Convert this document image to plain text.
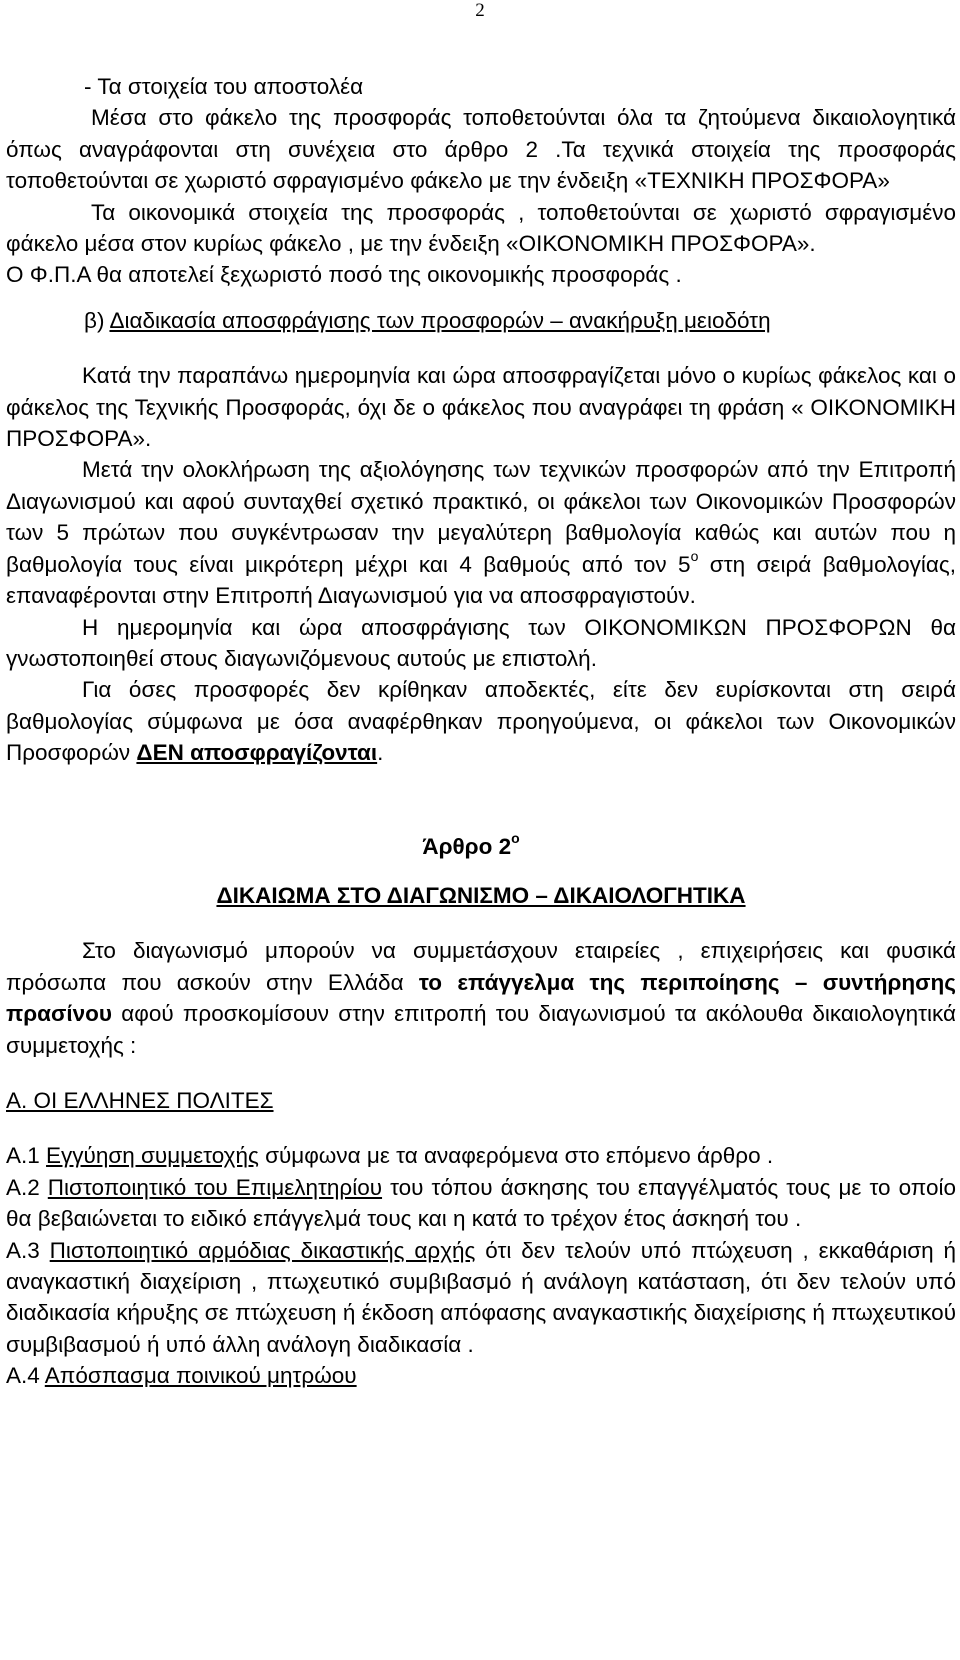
2

- Τα στοιχεία του αποστολέα

Μέσα στο φάκελο της προσφοράς τοποθετούνται όλα τα ζητούμενα δικαιολογητικά όπως αναγράφονται στη συνέχεια στο άρθρο 2 .Τα τεχνικά στοιχεία της προσφοράς τοποθετούνται σε χωριστό σφραγισμένο φάκελο με την ένδειξη «ΤΕΧΝΙΚΗ ΠΡΟΣΦΟΡΑ»

Τα οικονομικά στοιχεία της προσφοράς , τοποθετούνται σε χωριστό σφραγισμένο φάκελο μέσα στον κυρίως φάκελο , με την ένδειξη «ΟΙΚΟΝΟΜΙΚΗ ΠΡΟΣΦΟΡΑ».

Ο Φ.Π.Α θα αποτελεί ξεχωριστό ποσό της οικονομικής προσφοράς .

β) Διαδικασία αποσφράγισης των προσφορών – ανακήρυξη μειοδότη

Κατά την παραπάνω ημερομηνία και ώρα αποσφραγίζεται μόνο ο κυρίως φάκελος και ο φάκελος της Τεχνικής Προσφοράς, όχι δε ο φάκελος που αναγράφει τη φράση « ΟΙΚΟΝΟΜΙΚΗ ΠΡΟΣΦΟΡΑ».

Μετά την ολοκλήρωση της αξιολόγησης των τεχνικών προσφορών από την Επιτροπή Διαγωνισμού και αφού συνταχθεί σχετικό πρακτικό, οι φάκελοι των Οικονομικών Προσφορών των 5 πρώτων που συγκέντρωσαν την μεγαλύτερη βαθμολογία καθώς και αυτών που η βαθμολογία τους είναι μικρότερη μέχρι και 4 βαθμούς από τον $5^o$ στη σειρά βαθμολογίας, επαναφέρονται στην Επιτροπή Διαγωνισμού για να αποσφραγιστούν.

Η ημερομηνία και ώρα αποσφράγισης των ΟΙΚΟΝΟΜΙΚΩΝ ΠΡΟΣΦΟΡΩΝ θα γνωστοποιηθεί στους διαγωνιζόμενους αυτούς με επιστολή.

Για όσες προσφορές δεν κρίθηκαν αποδεκτές, είτε δεν ευρίσκονται στη σειρά βαθμολογίας σύμφωνα με όσα αναφέρθηκαν προηγούμενα, οι φάκελοι των Οικονομικών Προσφορών ΔΕΝ αποσφραγίζονται.

Άρθρο $2^o$

ΔΙΚΑΙΩΜΑ ΣΤΟ ΔΙΑΓΩΝΙΣΜΟ – ΔΙΚΑΙΟΛΟΓΗΤΙΚΑ

Στο διαγωνισμό μπορούν να συμμετάσχουν εταιρείες , επιχειρήσεις και φυσικά πρόσωπα που ασκούν στην Ελλάδα το επάγγελμα της περιποίησης – συντήρησης πρασίνου αφού προσκομίσουν στην επιτροπή του διαγωνισμού τα ακόλουθα δικαιολογητικά συμμετοχής :

Α. ΟΙ ΕΛΛΗΝΕΣ ΠΟΛΙΤΕΣ

Α.1 Εγγύηση συμμετοχής σύμφωνα με τα αναφερόμενα στο επόμενο άρθρο .

Α.2 Πιστοποιητικό του Επιμελητηρίου του τόπου άσκησης του επαγγέλματός τους με το οποίο θα βεβαιώνεται το ειδικό επάγγελμά τους και η κατά το τρέχον έτος άσκησή του .

Α.3 Πιστοποιητικό αρμόδιας δικαστικής αρχής ότι δεν τελούν υπό πτώχευση , εκκαθάριση ή αναγκαστική διαχείριση , πτωχευτικό συμβιβασμό ή ανάλογη κατάσταση, ότι δεν τελούν υπό διαδικασία κήρυξης σε πτώχευση ή έκδοση απόφασης αναγκαστικής διαχείρισης ή πτωχευτικού συμβιβασμού ή υπό άλλη ανάλογη διαδικασία .

Α.4 Απόσπασμα ποινικού μητρώου
